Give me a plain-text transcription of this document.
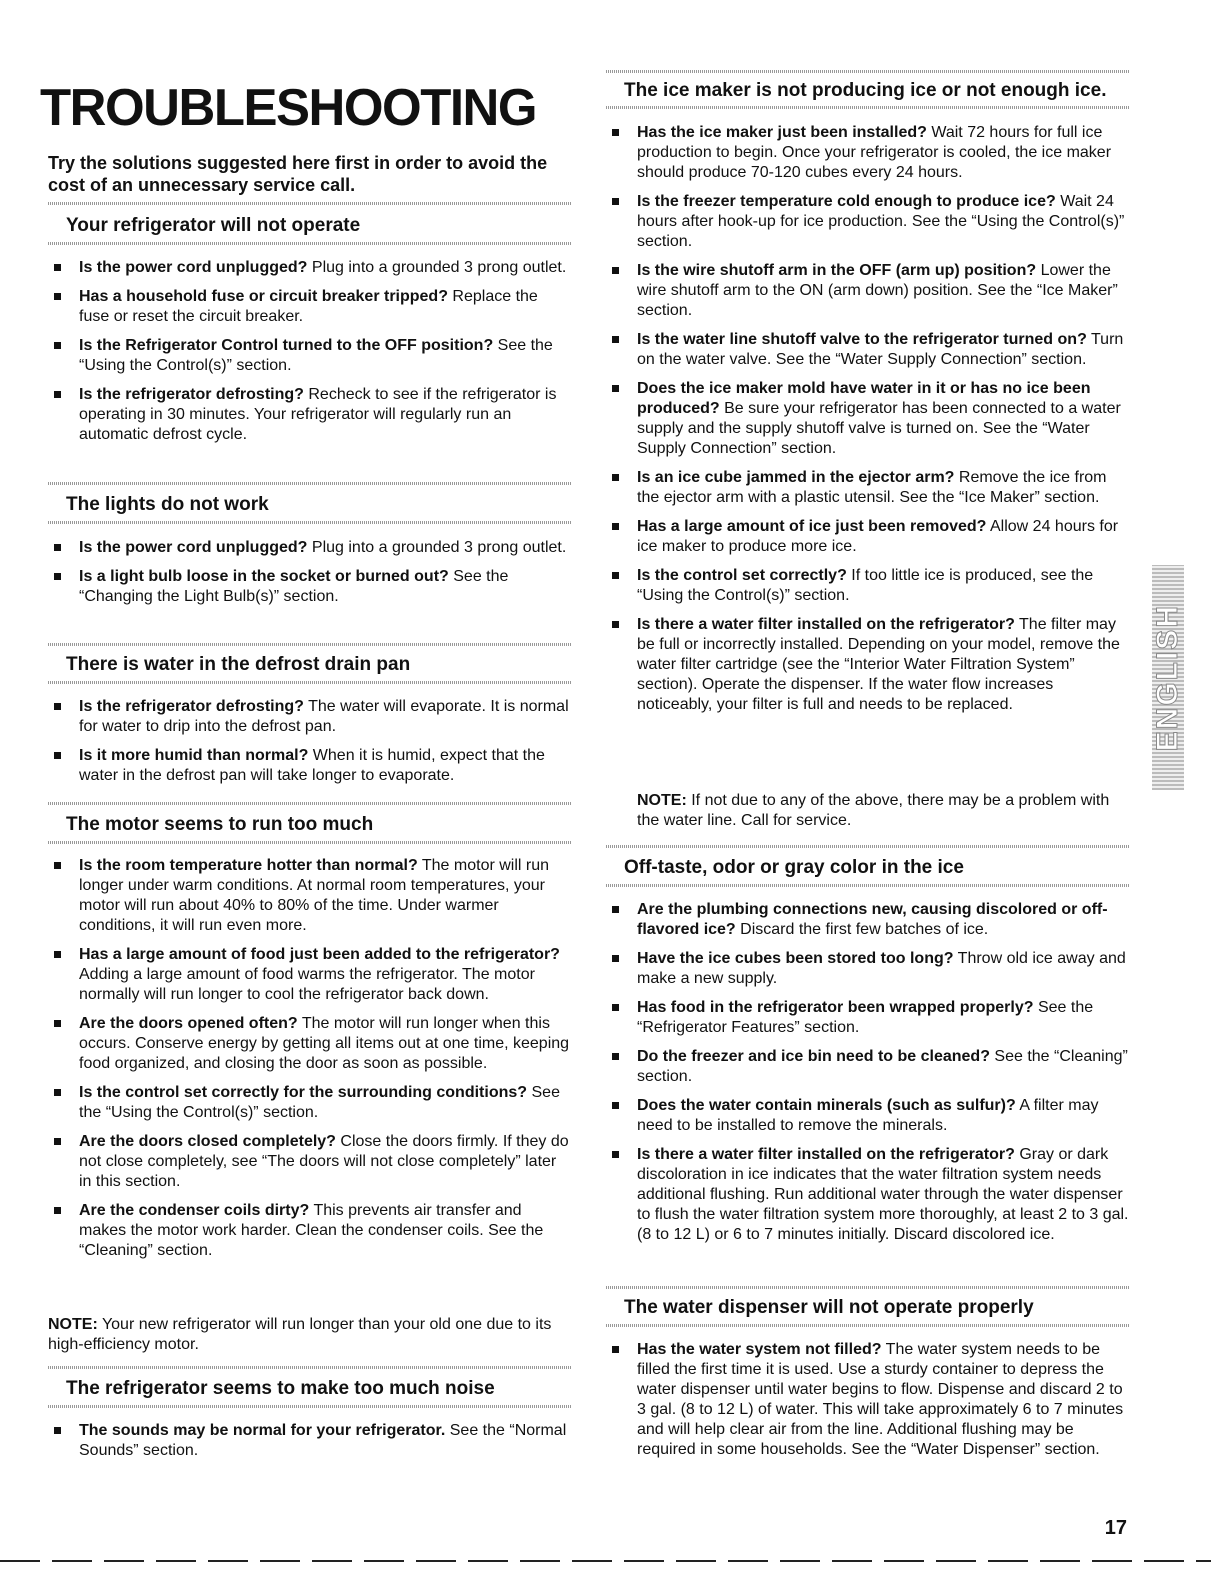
TROUBLESHOOTING

Try the solutions suggested here first in order to avoid the cost of an unnecessary service call.

Your refrigerator will not operate
Is the power cord unplugged? Plug into a grounded 3 prong outlet.
Has a household fuse or circuit breaker tripped? Replace the fuse or reset the circuit breaker.
Is the Refrigerator Control turned to the OFF position? See the “Using the Control(s)” section.
Is the refrigerator defrosting? Recheck to see if the refrigerator is operating in 30 minutes. Your refrigerator will regularly run an automatic defrost cycle.
The lights do not work
Is the power cord unplugged? Plug into a grounded 3 prong outlet.
Is a light bulb loose in the socket or burned out? See the “Changing the Light Bulb(s)” section.
There is water in the defrost drain pan
Is the refrigerator defrosting? The water will evaporate. It is normal for water to drip into the defrost pan.
Is it more humid than normal? When it is humid, expect that the water in the defrost pan will take longer to evaporate.
The motor seems to run too much
Is the room temperature hotter than normal? The motor will run longer under warm conditions. At normal room temperatures, your motor will run about 40% to 80% of the time. Under warmer conditions, it will run even more.
Has a large amount of food just been added to the refrigerator? Adding a large amount of food warms the refrigerator. The motor normally will run longer to cool the refrigerator back down.
Are the doors opened often? The motor will run longer when this occurs. Conserve energy by getting all items out at one time, keeping food organized, and closing the door as soon as possible.
Is the control set correctly for the surrounding conditions? See the “Using the Control(s)” section.
Are the doors closed completely? Close the doors firmly. If they do not close completely, see “The doors will not close completely” later in this section.
Are the condenser coils dirty? This prevents air transfer and makes the motor work harder. Clean the condenser coils. See the “Cleaning” section.

NOTE: Your new refrigerator will run longer than your old one due to its high-efficiency motor.

The refrigerator seems to make too much noise
The sounds may be normal for your refrigerator. See the “Normal Sounds” section.
The ice maker is not producing ice or not enough ice.
Has the ice maker just been installed? Wait 72 hours for full ice production to begin. Once your refrigerator is cooled, the ice maker should produce 70-120 cubes every 24 hours.
Is the freezer temperature cold enough to produce ice? Wait 24 hours after hook-up for ice production. See the “Using the Control(s)” section.
Is the wire shutoff arm in the OFF (arm up) position? Lower the wire shutoff arm to the ON (arm down) position. See the “Ice Maker” section.
Is the water line shutoff valve to the refrigerator turned on? Turn on the water valve. See the “Water Supply Connection” section.
Does the ice maker mold have water in it or has no ice been produced? Be sure your refrigerator has been connected to a water supply and the supply shutoff valve is turned on. See the “Water Supply Connection” section.
Is an ice cube jammed in the ejector arm? Remove the ice from the ejector arm with a plastic utensil. See the “Ice Maker” section.
Has a large amount of ice just been removed? Allow 24 hours for ice maker to produce more ice.
Is the control set correctly? If too little ice is produced, see the “Using the Control(s)” section.
Is there a water filter installed on the refrigerator? The filter may be full or incorrectly installed. Depending on your model, remove the water filter cartridge (see the “Interior Water Filtration System” section). Operate the dispenser. If the water flow increases noticeably, your filter is full and needs to be replaced.

NOTE: If not due to any of the above, there may be a problem with the water line. Call for service.

Off-taste, odor or gray color in the ice
Are the plumbing connections new, causing discolored or off-flavored ice? Discard the first few batches of ice.
Have the ice cubes been stored too long? Throw old ice away and make a new supply.
Has food in the refrigerator been wrapped properly? See the “Refrigerator Features” section.
Do the freezer and ice bin need to be cleaned? See the “Cleaning” section.
Does the water contain minerals (such as sulfur)? A filter may need to be installed to remove the minerals.
Is there a water filter installed on the refrigerator? Gray or dark discoloration in ice indicates that the water filtration system needs additional flushing. Run additional water through the water dispenser to flush the water filtration system more thoroughly, at least 2 to 3 gal. (8 to 12 L) or 6 to 7 minutes initially. Discard discolored ice.
The water dispenser will not operate properly
Has the water system not filled? The water system needs to be filled the first time it is used. Use a sturdy container to depress the water dispenser until water begins to flow. Dispense and discard 2 to 3 gal. (8 to 12 L) of water. This will take approximately 6 to 7 minutes and will help clear air from the line. Additional flushing may be required in some households. See the “Water Dispenser” section.
ENGLISH
17
